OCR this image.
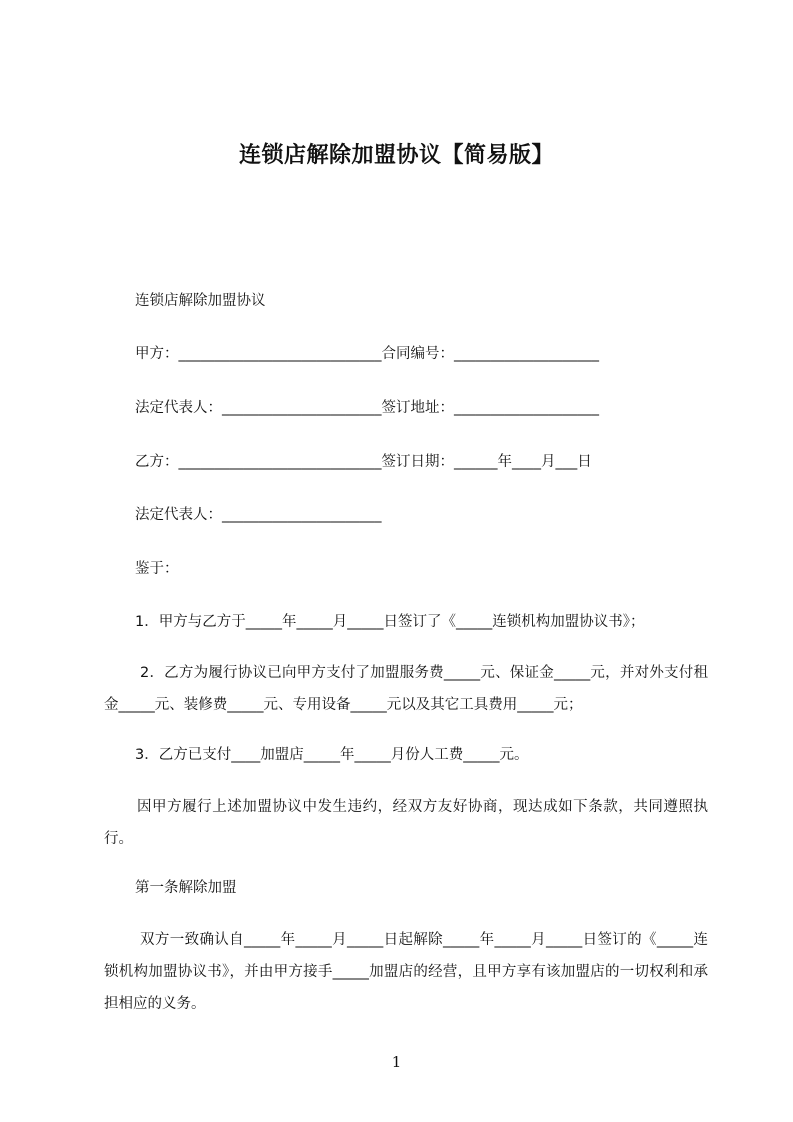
连锁店解除加盟协议【简易版】
连锁店解除加盟协议
甲方：____________________________合同编号：____________________
法定代表人：______________________签订地址：____________________
乙方：____________________________签订日期：______年____月___日
法定代表人：______________________
鉴于：
1．甲方与乙方于_____年_____月_____日签订了《_____连锁机构加盟协议书》；
2．乙方为履行协议已向甲方支付了加盟服务费_____元、保证金_____元，并对外支付租金_____元、装修费_____元、专用设备_____元以及其它工具费用_____元；
3．乙方已支付____加盟店_____年_____月份人工费_____元。
因甲方履行上述加盟协议中发生违约，经双方友好协商，现达成如下条款，共同遵照执行。
第一条解除加盟
双方一致确认自_____年_____月_____日起解除_____年_____月_____日签订的《_____连锁机构加盟协议书》，并由甲方接手_____加盟店的经营，且甲方享有该加盟店的一切权利和承担相应的义务。
1
